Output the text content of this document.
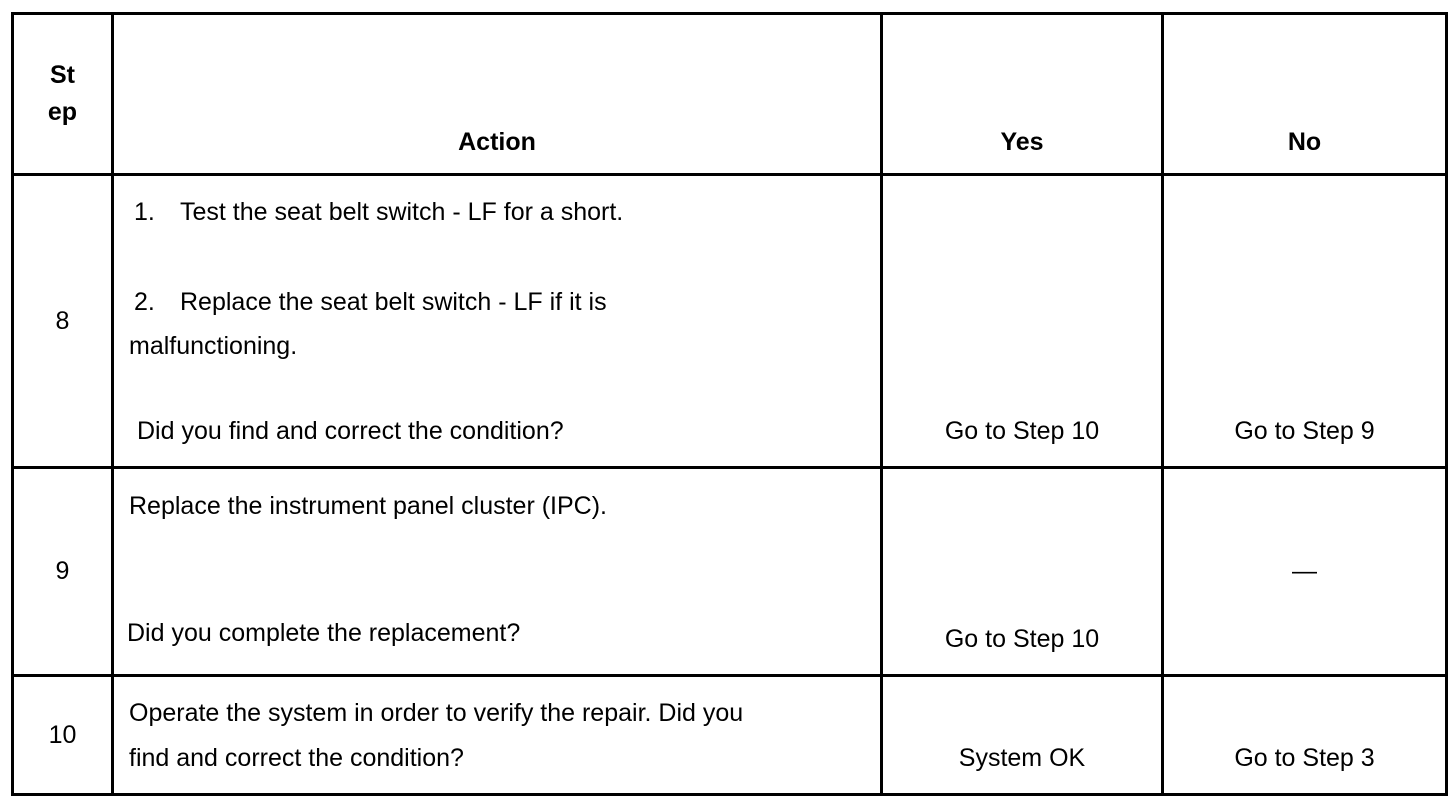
St
ep	Action	Yes	No
8	1. Test the seat belt switch - LF for a short.
2. Replace the seat belt switch - LF if it is
malfunctioning.
Did you find and correct the condition?	Go to Step 10	Go to Step 9

9	Replace the instrument panel cluster (IPC).
Did you complete the replacement?	Go to Step 10	—
10	Operate the system in order to verify the repair. Did you
find and correct the condition?	System OK	Go to Step 3
